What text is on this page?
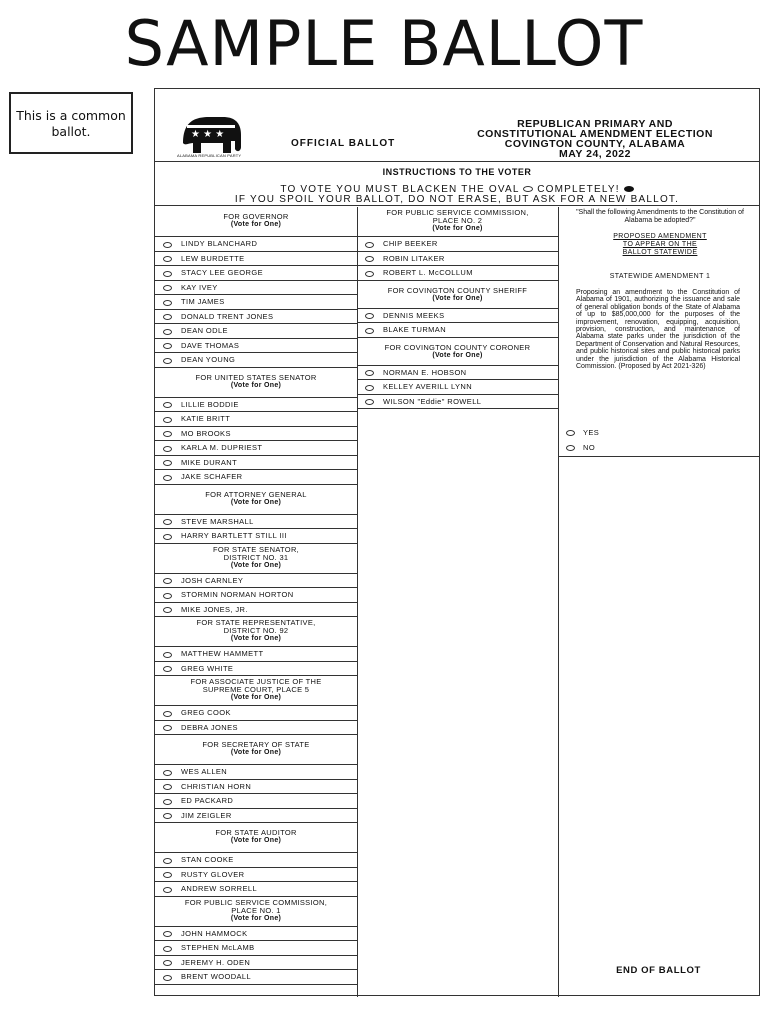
SAMPLE BALLOT
This is a common ballot.	★ ★ ★
ALABAMA REPUBLICAN PARTY
OFFICIAL BALLOT
REPUBLICAN PRIMARY AND
CONSTITUTIONAL AMENDMENT ELECTION
COVINGTON COUNTY, ALABAMA
MAY 24, 2022
INSTRUCTIONS TO THE VOTER
TO VOTE YOU MUST BLACKEN THE OVAL COMPLETELY!
IF YOU SPOIL YOUR BALLOT, DO NOT ERASE, BUT ASK FOR A NEW BALLOT.
FOR GOVERNOR
(Vote for One)
LINDY BLANCHARD
LEW BURDETTE
STACY LEE GEORGE
KAY IVEY
TIM JAMES
DONALD TRENT JONES
DEAN ODLE
DAVE THOMAS
DEAN YOUNG
FOR UNITED STATES SENATOR
(Vote for One)
LILLIE BODDIE
KATIE BRITT
MO BROOKS
KARLA M. DUPRIEST
MIKE DURANT
JAKE SCHAFER
FOR ATTORNEY GENERAL
(Vote for One)
STEVE MARSHALL
HARRY BARTLETT STILL III
FOR STATE SENATOR,
DISTRICT NO. 31
(Vote for One)
JOSH CARNLEY
STORMIN NORMAN HORTON
MIKE JONES, JR.
FOR STATE REPRESENTATIVE,
DISTRICT NO. 92
(Vote for One)
MATTHEW HAMMETT
GREG WHITE
FOR ASSOCIATE JUSTICE OF THE
SUPREME COURT, PLACE 5
(Vote for One)
GREG COOK
DEBRA JONES
FOR SECRETARY OF STATE
(Vote for One)
WES ALLEN
CHRISTIAN HORN
ED PACKARD
JIM ZEIGLER
FOR STATE AUDITOR
(Vote for One)
STAN COOKE
RUSTY GLOVER
ANDREW SORRELL
FOR PUBLIC SERVICE COMMISSION,
PLACE NO. 1
(Vote for One)
JOHN HAMMOCK
STEPHEN McLAMB
JEREMY H. ODEN
BRENT WOODALL
FOR PUBLIC SERVICE COMMISSION,
PLACE NO. 2
(Vote for One)
CHIP BEEKER
ROBIN LITAKER
ROBERT L. McCOLLUM
FOR COVINGTON COUNTY SHERIFF
(Vote for One)
DENNIS MEEKS
BLAKE TURMAN
FOR COVINGTON COUNTY CORONER
(Vote for One)
NORMAN E. HOBSON
KELLEY AVERILL LYNN
WILSON "Eddie" ROWELL
"Shall the following Amendments to the Constitution of Alabama be adopted?"
PROPOSED AMENDMENT
TO APPEAR ON THE
BALLOT STATEWIDE
STATEWIDE AMENDMENT 1
Proposing an amendment to the Constitution of Alabama of 1901, authorizing the issuance and sale of general obligation bonds of the State of Alabama of up to $85,000,000 for the purposes of the improvement, renovation, equipping, acquisition, provision, construction, and maintenance of Alabama state parks under the jurisdiction of the Department of Conservation and Natural Resources, and public historical sites and public historical parks under the jurisdiction of the Alabama Historical Commission. (Proposed by Act 2021-326)
YES
NO
END OF BALLOT
